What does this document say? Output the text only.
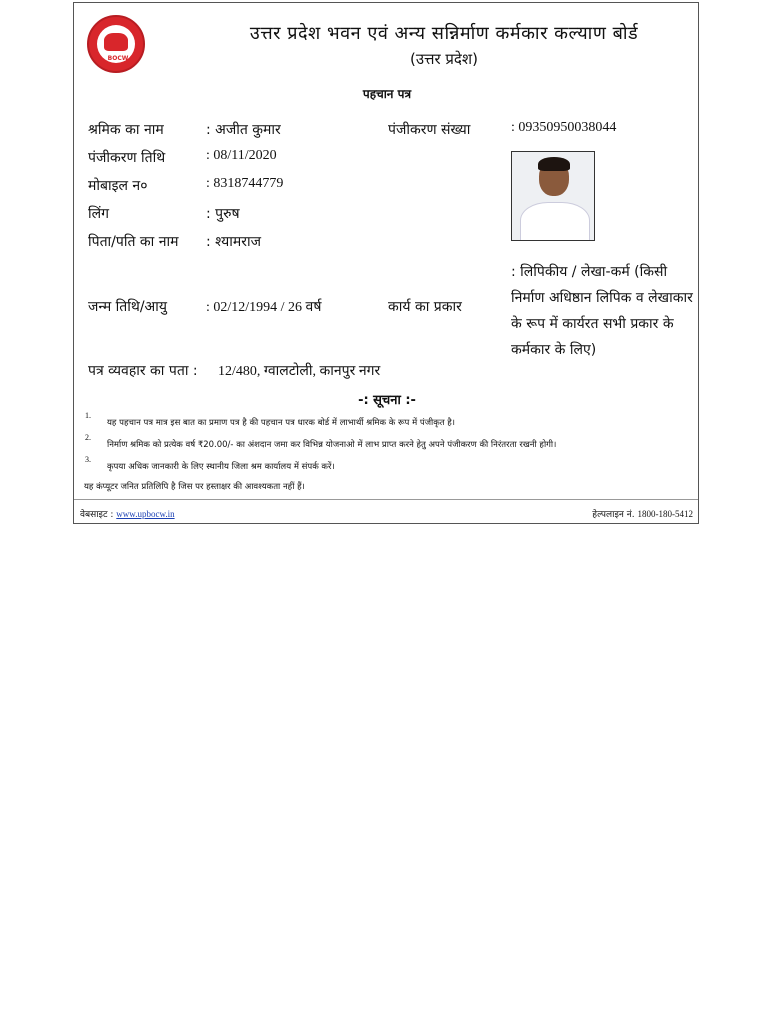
BOCW
उत्तर प्रदेश भवन एवं अन्य सन्निर्माण कर्मकार कल्याण बोर्ड
(उत्तर प्रदेश)
पहचान पत्र
श्रमिक का नाम	: अजीत कुमार	पंजीकरण संख्या	: 09350950038044
पंजीकरण तिथि	: 08/11/2020
मोबाइल न०	: 8318744779
लिंग	: पुरुष
पिता/पति का नाम : श्यामराज
जन्म तिथि/आयु	: 02/12/1994 / 26 वर्ष	कार्य का प्रकार
: लिपिकीय / लेखा-कर्म (किसी निर्माण अधिष्ठान लिपिक व लेखाकार के रूप में कार्यरत सभी प्रकार के कर्मकार के लिए)
पत्र व्यवहार का पता : 12/480, ग्वालटोली, कानपुर नगर
-: सूचना :-
1.
यह पहचान पत्र मात्र इस बात का प्रमाण पत्र है की पहचान पत्र धारक बोर्ड में लाभार्थी श्रमिक के रूप में पंजीकृत है।
2.
निर्माण श्रमिक को प्रत्येक वर्ष ₹20.00/- का अंशदान जमा कर विभिन्न योजनाओ में लाभ प्राप्त करने हेतु अपने पंजीकरण की निरंतरता रखनी होगी।
3.
कृपया अधिक जानकारी के लिए स्थानीय जिला श्रम कार्यालय में संपर्क करें।
यह कंप्यूटर जनित प्रतिलिपि है जिस पर हस्ताक्षर की आवश्यकता नहीं हैं।
वेबसाइट : www.upbocw.in	हेल्पलाइन नं. 1800-180-5412
